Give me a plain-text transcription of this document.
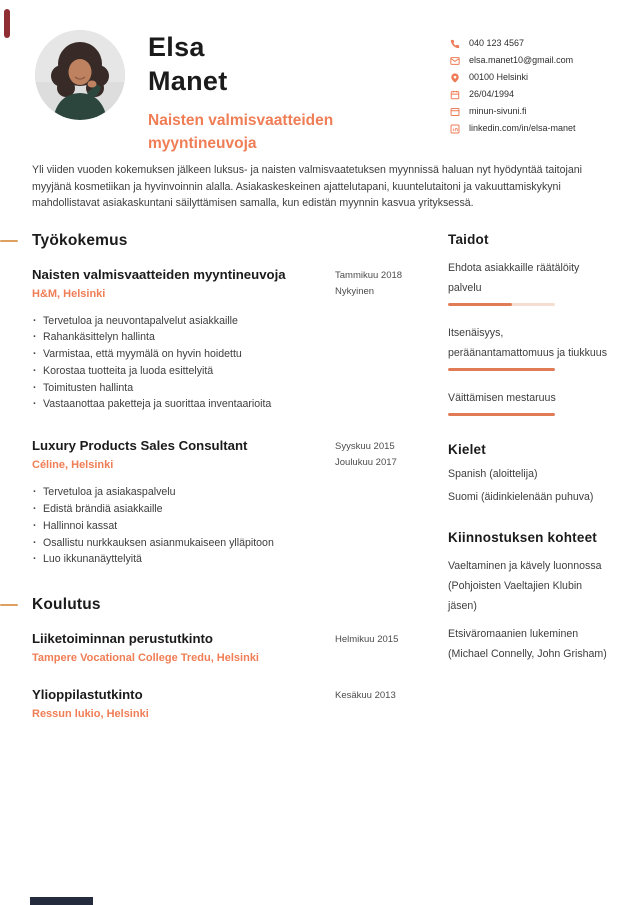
Elsa
Manet
Naisten valmisvaatteiden myyntineuvoja
040 123 4567
elsa.manet10@gmail.com
00100 Helsinki
26/04/1994
minun-sivuni.fi
linkedin.com/in/elsa-manet

Yli viiden vuoden kokemuksen jälkeen luksus- ja naisten valmisvaatetuksen myynnissä haluan nyt hyödyntää taitojani myyjänä kosmetiikan ja hyvinvoinnin alalla. Asiakaskeskeinen ajattelutapani, kuuntelutaitoni ja vakuuttamiskykyni mahdollistavat asiakaskuntani säilyttämisen samalla, kun edistän myynnin kasvua yrityksessä.

Työkokemus
Naisten valmisvaatteiden myyntineuvoja
H&M, Helsinki
Tammikuu 2018
Nykyinen
· Tervetuloa ja neuvontapalvelut asiakkaille
· Rahankäsittelyn hallinta
· Varmistaa, että myymälä on hyvin hoidettu
· Korostaa tuotteita ja luoda esittelyitä
· Toimitusten hallinta
· Vastaanottaa paketteja ja suorittaa inventaarioita
Luxury Products Sales Consultant
Céline, Helsinki
Syyskuu 2015
Joulukuu 2017
· Tervetuloa ja asiakaspalvelu
· Edistä brändiä asiakkaille
· Hallinnoi kassat
· Osallistu nurkkauksen asianmukaiseen ylläpitoon
· Luo ikkunanäyttelyitä
Koulutus
Liiketoiminnan perustutkinto
Tampere Vocational College Tredu, Helsinki
Helmikuu 2015
Ylioppilastutkinto
Ressun lukio, Helsinki
Kesäkuu 2013
Taidot
Ehdota asiakkaille räätälöity palvelu
Itsenäisyys, peräänantamattomuus ja tiukkuus
Väittämisen mestaruus
Kielet
Spanish (aloittelija)
Suomi (äidinkielenään puhuva)
Kiinnostuksen kohteet
Vaeltaminen ja kävely luonnossa (Pohjoisten Vaeltajien Klubin jäsen)
Etsiväromaanien lukeminen (Michael Connelly, John Grisham)
